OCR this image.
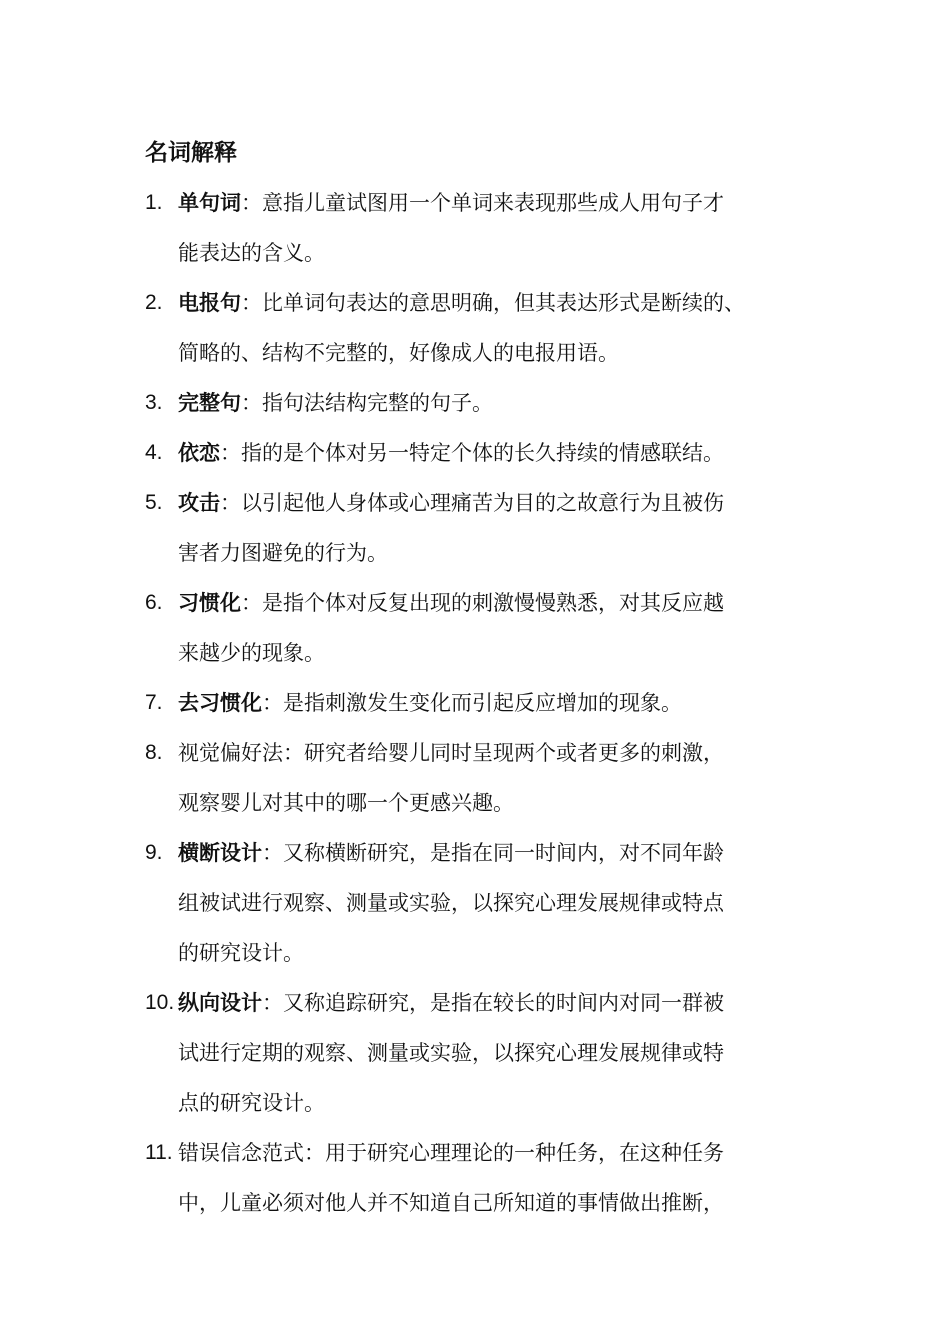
名词解释
1. 单句词：意指儿童试图用一个单词来表现那些成人用句子才
能表达的含义。
2. 电报句：比单词句表达的意思明确，但其表达形式是断续的、
简略的、结构不完整的，好像成人的电报用语。
3. 完整句：指句法结构完整的句子。
4. 依恋：指的是个体对另一特定个体的长久持续的情感联结。
5. 攻击：以引起他人身体或心理痛苦为目的之故意行为且被伤
害者力图避免的行为。
6. 习惯化：是指个体对反复出现的刺激慢慢熟悉，对其反应越
来越少的现象。
7. 去习惯化：是指刺激发生变化而引起反应增加的现象。
8. 视觉偏好法：研究者给婴儿同时呈现两个或者更多的刺激，
观察婴儿对其中的哪一个更感兴趣。
9. 横断设计：又称横断研究，是指在同一时间内，对不同年龄
组被试进行观察、测量或实验，以探究心理发展规律或特点
的研究设计。
10. 纵向设计：又称追踪研究，是指在较长的时间内对同一群被
试进行定期的观察、测量或实验，以探究心理发展规律或特
点的研究设计。
11. 错误信念范式：用于研究心理理论的一种任务，在这种任务
中，儿童必须对他人并不知道自己所知道的事情做出推断，
